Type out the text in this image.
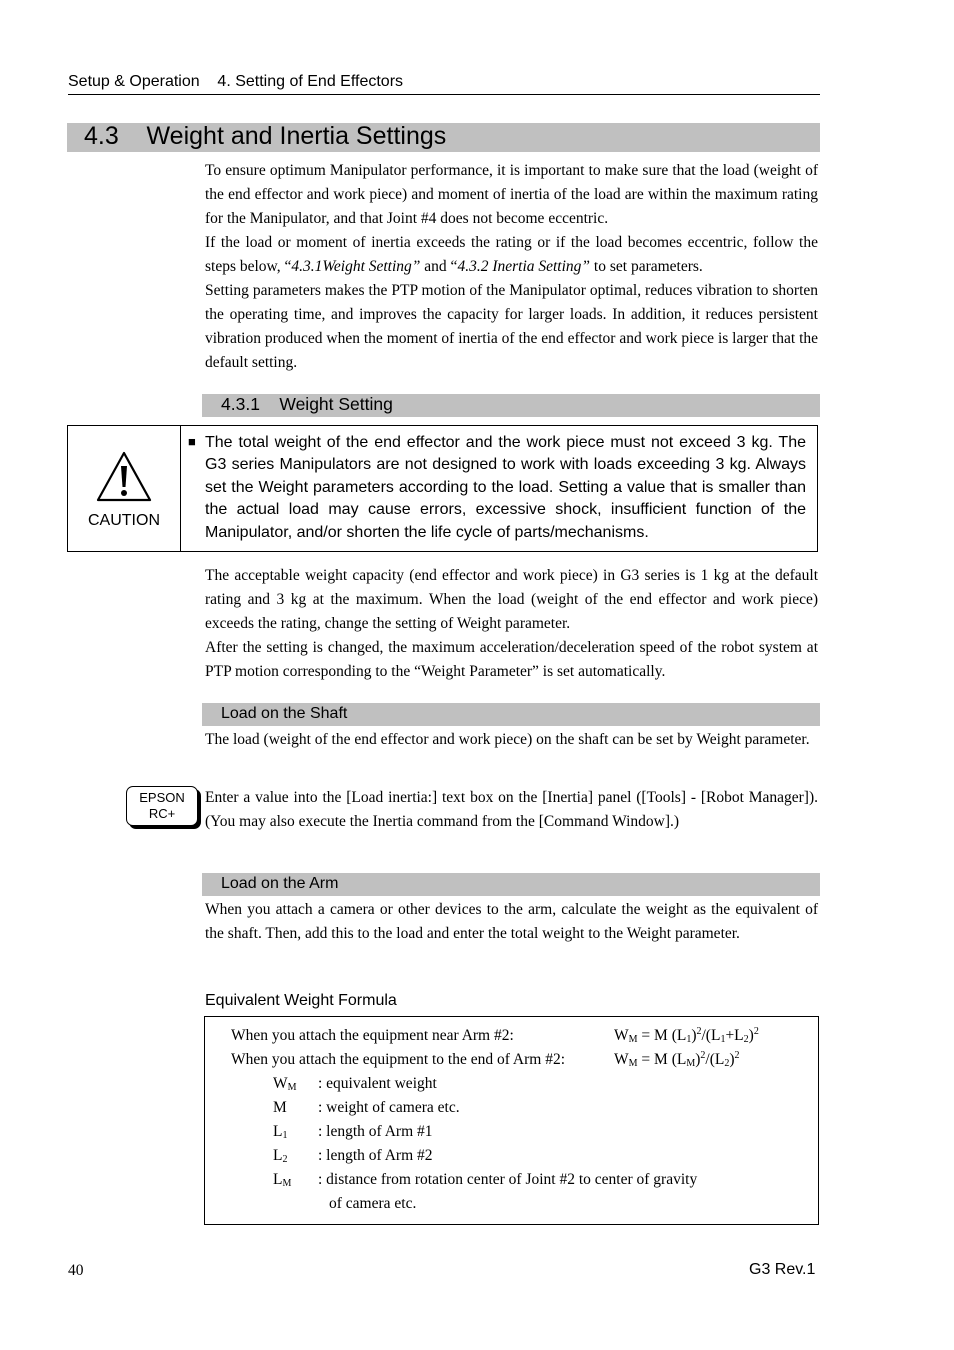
Setup & Operation    4. Setting of End Effectors
4.3    Weight and Inertia Settings

To ensure optimum Manipulator performance, it is important to make sure that the load (weight of the end effector and work piece) and moment of inertia of the load are within the maximum rating for the Manipulator, and that Joint #4 does not become eccentric.

If the load or moment of inertia exceeds the rating or if the load becomes eccentric, follow the steps below, “4.3.1Weight Setting” and “4.3.2 Inertia Setting” to set parameters.

Setting parameters makes the PTP motion of the Manipulator optimal, reduces vibration to shorten the operating time, and improves the capacity for larger loads. In addition, it reduces persistent vibration produced when the moment of inertia of the end effector and work piece is larger that the default setting.

4.3.1    Weight Setting
CAUTION
■ The total weight of the end effector and the work piece must not exceed 3 kg. The G3 series Manipulators are not designed to work with loads exceeding 3 kg. Always set the Weight parameters according to the load. Setting a value that is smaller than the actual load may cause errors, excessive shock, insufficient function of the Manipulator, and/or shorten the life cycle of parts/mechanisms.

The acceptable weight capacity (end effector and work piece) in G3 series is 1 kg at the default rating and 3 kg at the maximum. When the load (weight of the end effector and work piece) exceeds the rating, change the setting of Weight parameter.

After the setting is changed, the maximum acceleration/deceleration speed of the robot system at PTP motion corresponding to the “Weight Parameter” is set automatically.

Load on the Shaft
The load (weight of the end effector and work piece) on the shaft can be set by Weight parameter.
EPSON
RC+
Enter a value into the [Load inertia:] text box on the [Inertia] panel ([Tools] - [Robot Manager]). (You may also execute the Inertia command from the [Command Window].)
Load on the Arm
When you attach a camera or other devices to the arm, calculate the weight as the equivalent of the shaft. Then, add this to the load and enter the total weight to the Weight parameter.
Equivalent Weight Formula
When you attach the equipment near Arm #2:	$W_M = M$ $(L_1)^2/(L_1+L_2)^2$
When you attach the equipment to the end of Arm #2:	$W_M = M$ $(L_M)^2/(L_2)^2$
$W_M$ : equivalent weight
M : weight of camera etc.
$L_1$ : length of Arm #1
$L_2$ : length of Arm #2
$L_M$ : distance from rotation center of Joint #2 to center of gravity
of camera etc.
40	G3 Rev.1
